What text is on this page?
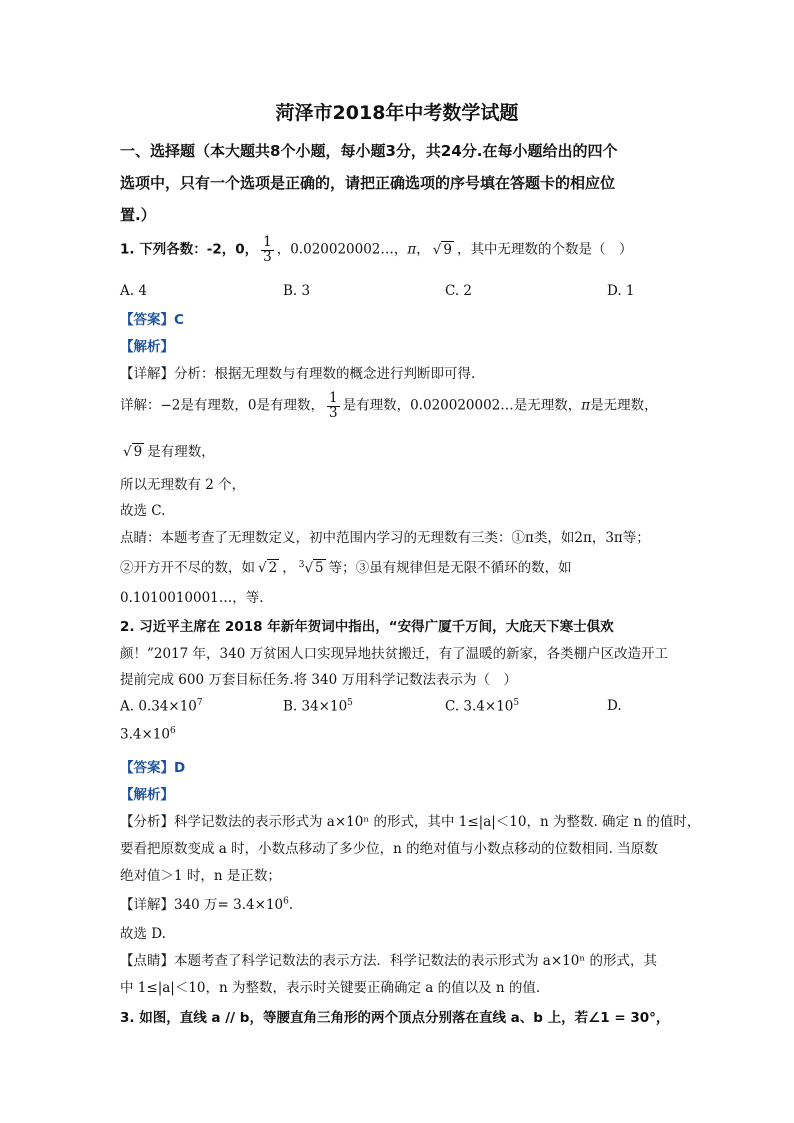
菏泽市2018年中考数学试题
一、选择题（本大题共8个小题，每小题3分，共24分.在每小题给出的四个
选项中，只有一个选项是正确的，请把正确选项的序号填在答题卡的相应位
置.）
1. 下列各数：-2，0， $\frac{1}{3}$ ，0.020020002…，π， √ 9 ，其中无理数的个数是（　）
A. 4	B. 3	C. 2	D. 1
【答案】C
【解析】
【详解】分析：根据无理数与有理数的概念进行判断即可得.
详解：−2是有理数，0是有理数， $\frac{1}{3}$ 是有理数，0.020020002…是无理数，π是无理数，
√ 9 是有理数，
所以无理数有 2 个，
故选 C.
点睛：本题考查了无理数定义，初中范围内学习的无理数有三类：①π类，如2π，3π等；
②开方开不尽的数，如 √ 2 ， $^3$√ 5 等；③虽有规律但是无限不循环的数，如
0.1010010001…，等.
2. 习近平主席在 2018 年新年贺词中指出，“安得广厦千万间，大庇天下寒士俱欢
颜！”2017 年，340 万贫困人口实现异地扶贫搬迁，有了温暖的新家，各类棚户区改造开工
提前完成 600 万套目标任务.将 340 万用科学记数法表示为（　）
A. $0.34\times 10^7$	B. $34\times 10^5$	C. $3.4\times 10^5$	D.
$3.4\times 10^6$
【答案】D
【解析】
【分析】科学记数法的表示形式为 a×10ⁿ 的形式，其中 1≤|a|＜10，n 为整数. 确定 n 的值时，
要看把原数变成 a 时，小数点移动了多少位，n 的绝对值与小数点移动的位数相同. 当原数
绝对值＞1 时，n 是正数；
【详解】340 万= $3.4\times 10^6$.
故选 D.
【点睛】本题考查了科学记数法的表示方法．科学记数法的表示形式为 a×10ⁿ 的形式，其
中 1≤|a|＜10，n 为整数，表示时关键要正确确定 a 的值以及 n 的值.
3. 如图，直线 a // b，等腰直角三角形的两个顶点分别落在直线 a、b 上，若∠1 = 30°，
